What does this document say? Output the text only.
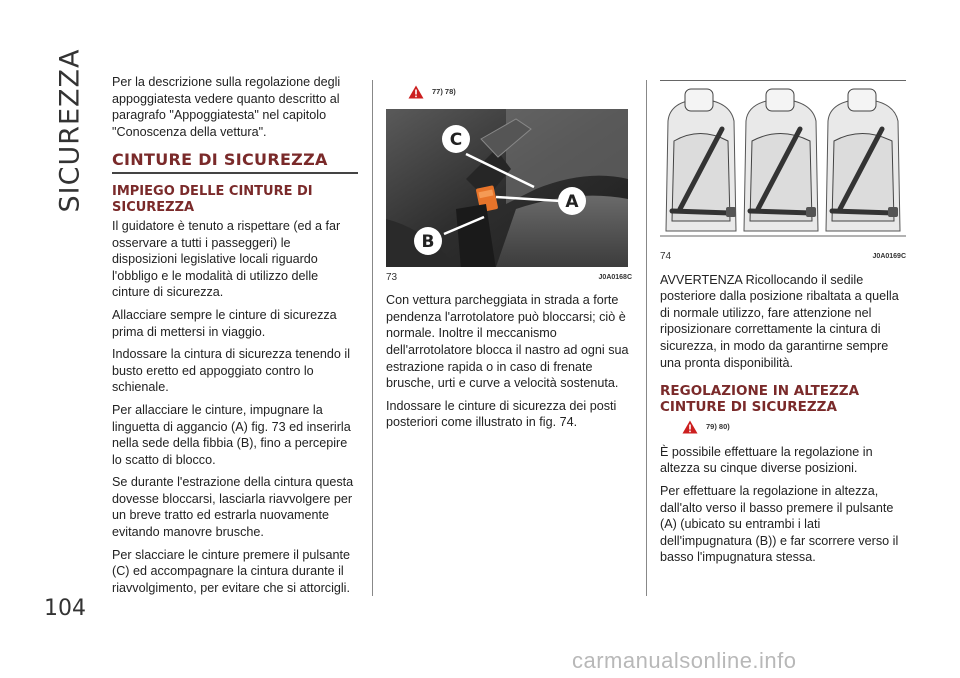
SICUREZZA
104

Per la descrizione sulla regolazione degli appoggiatesta vedere quanto descritto al paragrafo "Appoggiatesta" nel capitolo "Conoscenza della vettura".

CINTURE DI SICUREZZA
IMPIEGO DELLE CINTURE DI SICUREZZA

Il guidatore è tenuto a rispettare (ed a far osservare a tutti i passeggeri) le disposizioni legislative locali riguardo l'obbligo e le modalità di utilizzo delle cinture di sicurezza.

Allacciare sempre le cinture di sicurezza prima di mettersi in viaggio.

Indossare la cintura di sicurezza tenendo il busto eretto ed appoggiato contro lo schienale.

Per allacciare le cinture, impugnare la linguetta di aggancio (A) fig. 73 ed inserirla nella sede della fibbia (B), fino a percepire lo scatto di blocco.

Se durante l'estrazione della cintura questa dovesse bloccarsi, lasciarla riavvolgere per un breve tratto ed estrarla nuovamente evitando manovre brusche.

Per slacciare le cinture premere il pulsante (C) ed accompagnare la cintura durante il riavvolgimento, per evitare che si attorcigli.

77) 78)
C
A
B
73	J0A0168C

Con vettura parcheggiata in strada a forte pendenza l'arrotolatore può bloccarsi; ciò è normale. Inoltre il meccanismo dell'arrotolatore blocca il nastro ad ogni sua estrazione rapida o in caso di frenate brusche, urti e curve a velocità sostenuta.

Indossare le cinture di sicurezza dei posti posteriori come illustrato in fig. 74.

74	J0A0169C

AVVERTENZA Ricollocando il sedile posteriore dalla posizione ribaltata a quella di normale utilizzo, fare attenzione nel riposizionare correttamente la cintura di sicurezza, in modo da garantirne sempre una pronta disponibilità.

REGOLAZIONE IN ALTEZZA CINTURE DI SICUREZZA
79) 80)

È possibile effettuare la regolazione in altezza su cinque diverse posizioni.

Per effettuare la regolazione in altezza, dall'alto verso il basso premere il pulsante (A) (ubicato su entrambi i lati dell'impugnatura (B)) e far scorrere verso il basso l'impugnatura stessa.

carmanualsonline.info
